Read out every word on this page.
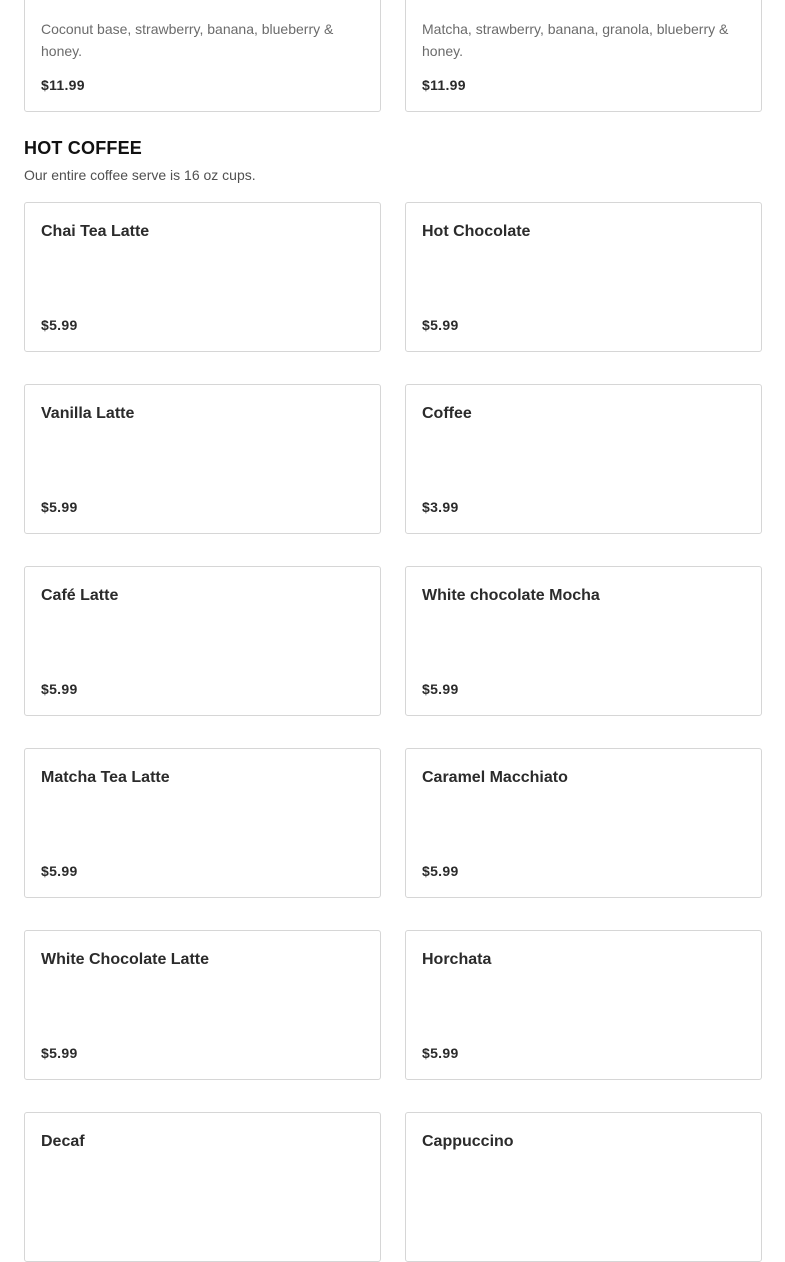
Coconut base, strawberry, banana, blueberry & honey.
$11.99
Matcha, strawberry, banana, granola, blueberry & honey.
$11.99
HOT COFFEE
Our entire coffee serve is 16 oz cups.
Chai Tea Latte
$5.99
Hot Chocolate
$5.99
Vanilla Latte
$5.99
Coffee
$3.99
Café Latte
$5.99
White chocolate Mocha
$5.99
Matcha Tea Latte
$5.99
Caramel Macchiato
$5.99
White Chocolate Latte
$5.99
Horchata
$5.99
Decaf	Cappuccino
